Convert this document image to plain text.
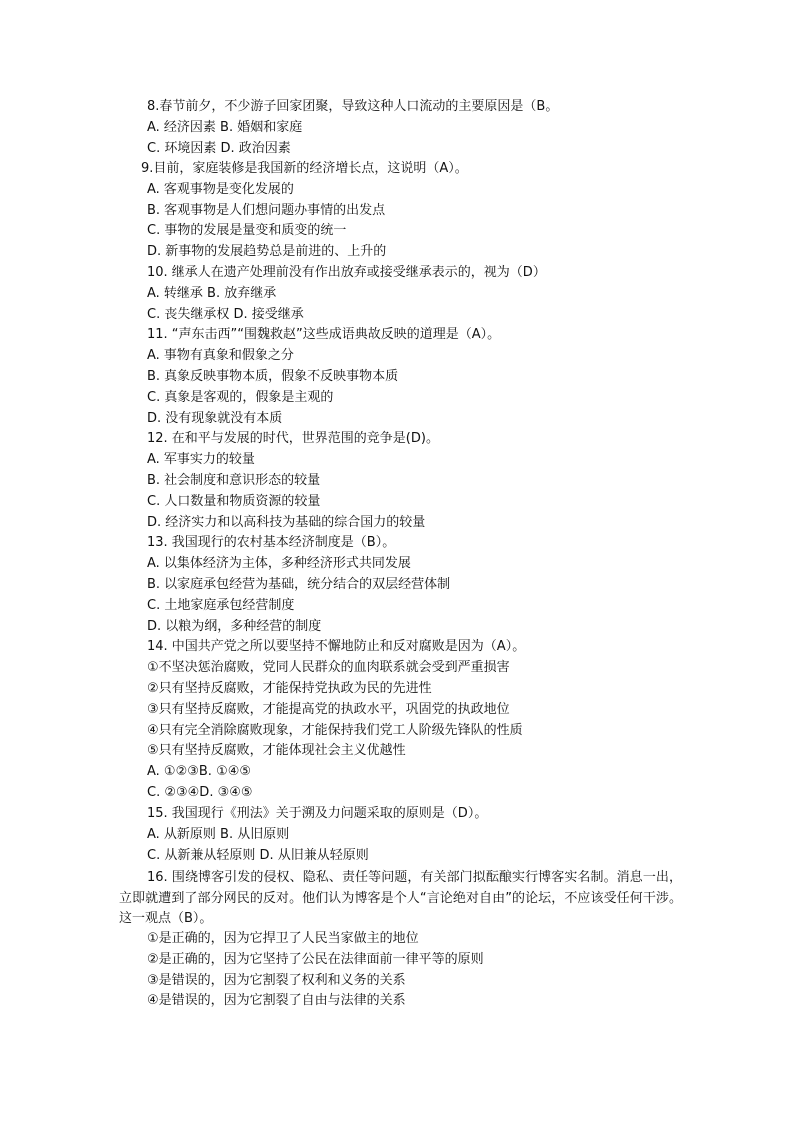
8.春节前夕，不少游子回家团聚，导致这种人口流动的主要原因是（B。
A. 经济因素 B. 婚姻和家庭
C. 环境因素 D. 政治因素
9.目前，家庭装修是我国新的经济增长点，这说明（A）。
A. 客观事物是变化发展的
B. 客观事物是人们想问题办事情的出发点
C. 事物的发展是量变和质变的统一
D. 新事物的发展趋势总是前进的、上升的
10. 继承人在遗产处理前没有作出放弃或接受继承表示的，视为（D）
A. 转继承 B. 放弃继承
C. 丧失继承权 D. 接受继承
11. “声东击西”“围魏救赵”这些成语典故反映的道理是（A）。
A. 事物有真象和假象之分
B. 真象反映事物本质，假象不反映事物本质
C. 真象是客观的，假象是主观的
D. 没有现象就没有本质
12. 在和平与发展的时代，世界范围的竞争是(D)。
A. 军事实力的较量
B. 社会制度和意识形态的较量
C. 人口数量和物质资源的较量
D. 经济实力和以高科技为基础的综合国力的较量
13. 我国现行的农村基本经济制度是（B）。
A. 以集体经济为主体，多种经济形式共同发展
B. 以家庭承包经营为基础，统分结合的双层经营体制
C. 土地家庭承包经营制度
D. 以粮为纲，多种经营的制度
14. 中国共产党之所以要坚持不懈地防止和反对腐败是因为（A）。
①不坚决惩治腐败，党同人民群众的血肉联系就会受到严重损害
②只有坚持反腐败，才能保持党执政为民的先进性
③只有坚持反腐败，才能提高党的执政水平，巩固党的执政地位
④只有完全消除腐败现象，才能保持我们党工人阶级先锋队的性质
⑤只有坚持反腐败，才能体现社会主义优越性
A. ①②③B. ①④⑤
C. ②③④D. ③④⑤
15. 我国现行《刑法》关于溯及力问题采取的原则是（D）。
A. 从新原则 B. 从旧原则
C. 从新兼从轻原则 D. 从旧兼从轻原则
16. 围绕博客引发的侵权、隐私、责任等问题，有关部门拟酝酿实行博客实名制。消息一出，立即就遭到了部分网民的反对。他们认为博客是个人“言论绝对自由”的论坛，不应该受任何干涉。这一观点（B）。
①是正确的，因为它捍卫了人民当家做主的地位
②是正确的，因为它坚持了公民在法律面前一律平等的原则
③是错误的，因为它割裂了权利和义务的关系
④是错误的，因为它割裂了自由与法律的关系
